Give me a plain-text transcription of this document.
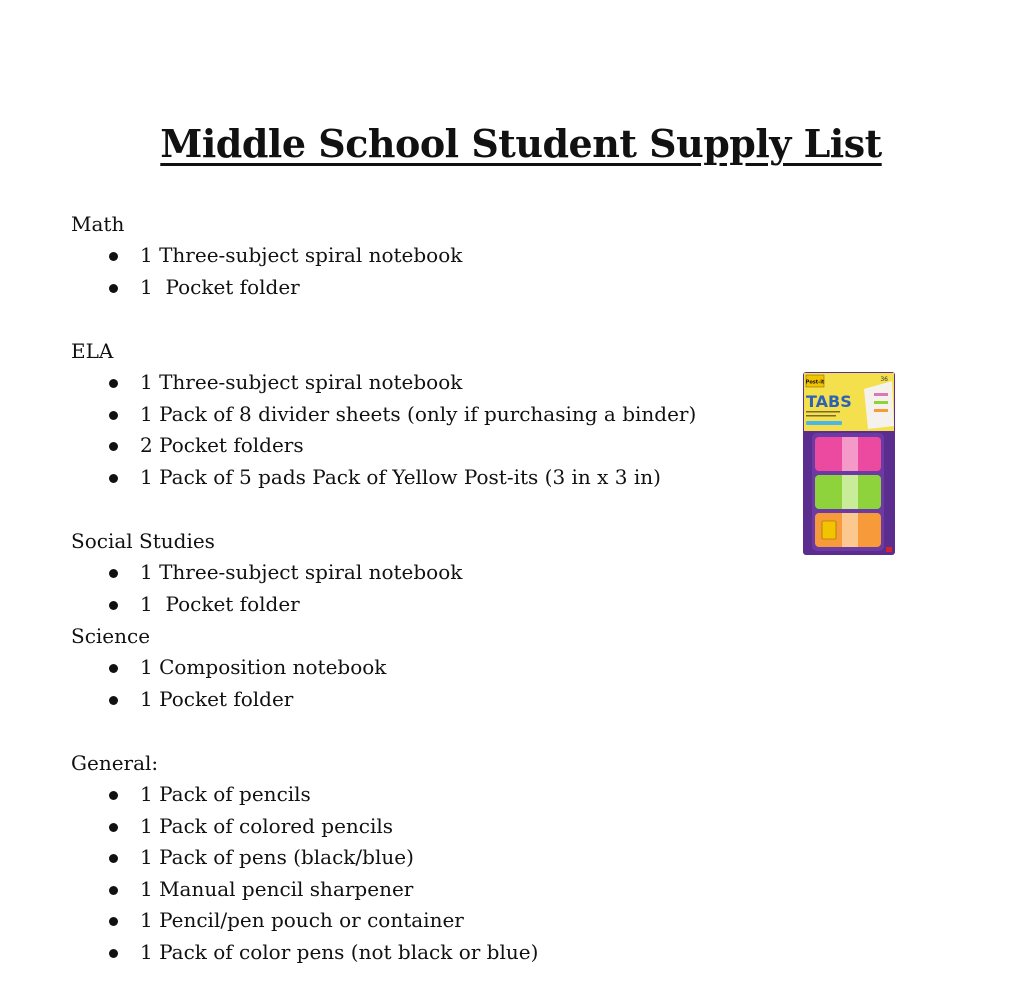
Middle School Student Supply List

Math

1 Three-subject spiral notebook
1  Pocket folder

ELA

1 Three-subject spiral notebook
1 Pack of 8 divider sheets (only if purchasing a binder)
2 Pocket folders
1 Pack of 5 pads Pack of Yellow Post-its (3 in x 3 in)

Social Studies

1 Three-subject spiral notebook
1  Pocket folder

Science

1 Composition notebook
1 Pocket folder

General:

1 Pack of pencils
1 Pack of colored pencils
1 Pack of pens (black/blue)
1 Manual pencil sharpener
1 Pencil/pen pouch or container
1 Pack of color pens (not black or blue)
Post-it	36
TABS
